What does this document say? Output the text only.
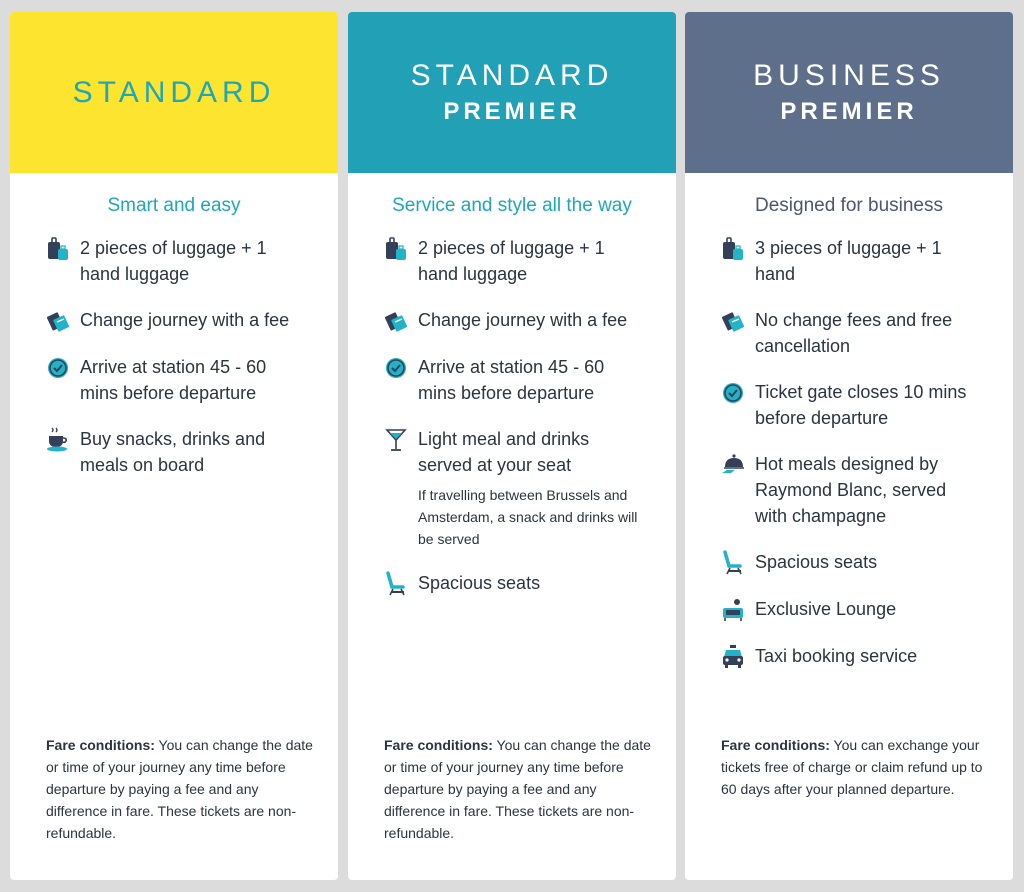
STANDARD
Smart and easy
2 pieces of luggage + 1 hand luggage
Change journey with a fee
Arrive at station 45 - 60 mins before departure
Buy snacks, drinks and meals on board
Fare conditions: You can change the date or time of your journey any time before departure by paying a fee and any difference in fare. These tickets are non- refundable.
STANDARD
PREMIER
Service and style all the way
2 pieces of luggage + 1 hand luggage
Change journey with a fee
Arrive at station 45 - 60 mins before departure
Light meal and drinks served at your seat
If travelling between Brussels and Amsterdam, a snack and drinks will be served
Spacious seats
Fare conditions: You can change the date or time of your journey any time before departure by paying a fee and any difference in fare. These tickets are non- refundable.
BUSINESS
PREMIER
Designed for business
3 pieces of luggage + 1 hand
No change fees and free cancellation
Ticket gate closes 10 mins before departure
Hot meals designed by Raymond Blanc, served with champagne
Spacious seats
Exclusive Lounge
Taxi booking service
Fare conditions: You can exchange your tickets free of charge or claim refund up to 60 days after your planned departure.
